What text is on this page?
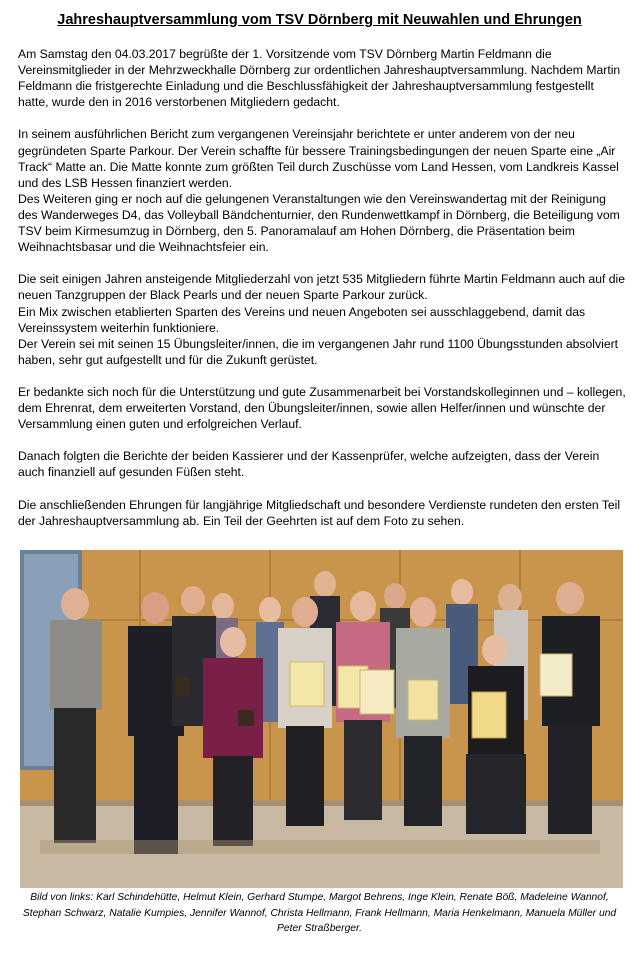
Jahreshauptversammlung vom TSV Dörnberg mit Neuwahlen und Ehrungen

Am Samstag den 04.03.2017 begrüßte der 1. Vorsitzende vom TSV Dörnberg Martin Feldmann die Vereinsmitglieder in der Mehrzweckhalle Dörnberg zur ordentlichen Jahreshauptversammlung. Nachdem Martin Feldmann die fristgerechte Einladung und die Beschlussfähigkeit der Jahreshauptversammlung festgestellt hatte, wurde den in 2016 verstorbenen Mitgliedern gedacht.

In seinem ausführlichen Bericht zum vergangenen Vereinsjahr berichtete er unter anderem von der neu gegründeten Sparte Parkour. Der Verein schaffte für bessere Trainingsbedingungen der neuen Sparte eine „Air Track“ Matte an. Die Matte konnte zum größten Teil durch Zuschüsse vom Land Hessen, vom Landkreis Kassel und des LSB Hessen finanziert werden.

Des Weiteren ging er noch auf die gelungenen Veranstaltungen wie den Vereinswandertag mit der Reinigung des Wanderweges D4, das Volleyball Bändchenturnier, den Rundenwettkampf in Dörnberg, die Beteiligung vom TSV beim Kirmesumzug in Dörnberg, den 5. Panoramalauf am Hohen Dörnberg, die Präsentation beim Weihnachtsbasar und die Weihnachtsfeier ein.

Die seit einigen Jahren ansteigende Mitgliederzahl von jetzt 535 Mitgliedern führte Martin Feldmann auch auf die neuen Tanzgruppen der Black Pearls und der neuen Sparte Parkour zurück.

Ein Mix zwischen etablierten Sparten des Vereins und neuen Angeboten sei ausschlaggebend, damit das Vereinssystem weiterhin funktioniere.

Der Verein sei mit seinen 15 Übungsleiter/innen, die im vergangenen Jahr rund 1100 Übungsstunden absolviert haben, sehr gut aufgestellt und für die Zukunft gerüstet.

Er bedankte sich noch für die Unterstützung und gute Zusammenarbeit bei Vorstandskolleginnen und – kollegen, dem Ehrenrat, dem erweiterten Vorstand, den Übungsleiter/innen, sowie allen Helfer/innen und wünschte der Versammlung einen guten und erfolgreichen Verlauf.

Danach folgten die Berichte der beiden Kassierer und der Kassenprüfer, welche aufzeigten, dass der Verein auch finanziell auf gesunden Füßen steht.

Die anschließenden Ehrungen für langjährige Mitgliedschaft und besondere Verdienste rundeten den ersten Teil der Jahreshauptversammlung ab. Ein Teil der Geehrten ist auf dem Foto zu sehen.

Bild von links: Karl Schindehütte, Helmut Klein, Gerhard Stumpe, Margot Behrens, Inge Klein, Renate Böß, Madeleine Wannof, Stephan Schwarz, Natalie Kumpies, Jennifer Wannof, Christa Hellmann, Frank Hellmann, Maria Henkelmann, Manuela Müller und Peter Straßberger.
